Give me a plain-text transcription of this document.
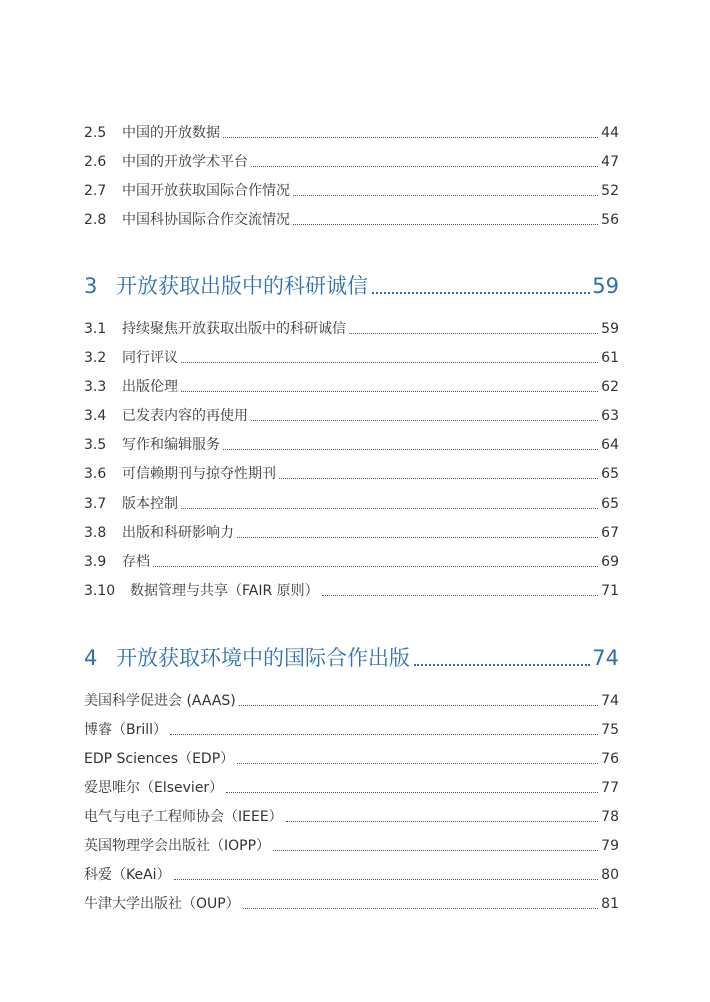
2.5	中国的开放数据	44
2.6	中国的开放学术平台	47
2.7	中国开放获取国际合作情况	52
2.8	中国科协国际合作交流情况	56
3 开放获取出版中的科研诚信	59
3.1	持续聚焦开放获取出版中的科研诚信	59
3.2	同行评议	61
3.3	出版伦理	62
3.4	已发表内容的再使用	63
3.5	写作和编辑服务	64
3.6	可信赖期刊与掠夺性期刊	65
3.7	版本控制	65
3.8	出版和科研影响力	67
3.9	存档	69
3.10	数据管理与共享（FAIR 原则）	71
4 开放获取环境中的国际合作出版	74
美国科学促进会 (AAAS)	74
博睿（Brill）	75
EDP Sciences（EDP）	76
爱思唯尔（Elsevier）	77
电气与电子工程师协会（IEEE）	78
英国物理学会出版社（IOPP）	79
科爱（KeAi）	80
牛津大学出版社（OUP）	81
